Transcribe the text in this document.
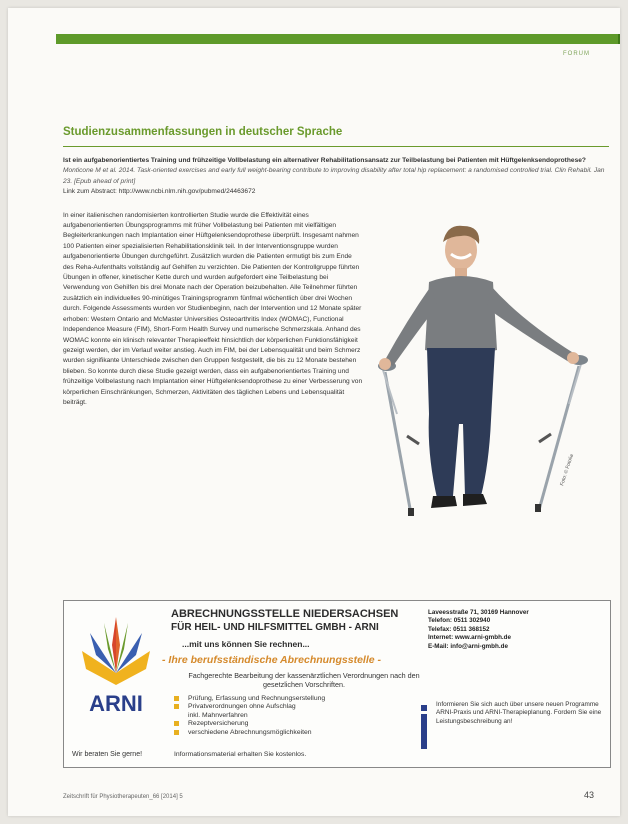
FORUM
Studienzusammenfassungen in deutscher Sprache

Ist ein aufgabenorientiertes Training und frühzeitige Vollbelastung ein alternativer Rehabilitationsansatz zur Teilbelastung bei Patienten mit Hüftgelenksendoprothese?

Monticone M et al. 2014. Task-oriented exercises and early full weight-bearing contribute to improving disability after total hip replacement: a randomised controlled trial. Clin Rehabil. Jan 23. [Epub ahead of print]

Link zum Abstract: http://www.ncbi.nlm.nih.gov/pubmed/24463672

In einer italienischen randomisierten kontrollierten Studie wurde die Effektivität eines aufgabenorientierten Übungsprogramms mit früher Vollbelastung bei Patienten mit vielfältigen Begleiterkrankungen nach Implantation einer Hüftgelenksendoprothese überprüft. Insgesamt nahmen 100 Patienten einer spezialisierten Rehabilitationsklinik teil. In der Interventionsgruppe wurden aufgabenorientierte Übungen durchgeführt. Zusätzlich wurden die Patienten ermutigt bis zum Ende des Reha-Aufenthalts vollständig auf Gehilfen zu verzichten. Die Patienten der Kontrollgruppe führten Übungen in offener, kinetischer Kette durch und wurden aufgefordert eine Teilbelastung bei Verwendung von Gehilfen bis drei Monate nach der Operation beizubehalten. Alle Teilnehmer führten zusätzlich ein individuelles 90-minütiges Trainingsprogramm fünfmal wöchentlich über drei Wochen durch. Folgende Assessments wurden vor Studienbeginn, nach der Intervention und 12 Monate später erhoben: Western Ontario and McMaster Universities Osteoarthritis Index (WOMAC), Functional Independence Measure (FIM), Short-Form Health Survey und numerische Schmerzskala. Anhand des WOMAC konnte ein klinisch relevanter Therapieeffekt hinsichtlich der körperlichen Funktionsfähigkeit gezeigt werden, der im Verlauf weiter anstieg. Auch im FIM, bei der Lebensqualität und beim Schmerz wurden signifikante Unterschiede zwischen den Gruppen festgestellt, die bis zu 12 Monate bestehen blieben. So konnte durch diese Studie gezeigt werden, dass ein aufgabenorientiertes Training und frühzeitige Vollbelastung nach Implantation einer Hüftgelenksendoprothese zu einer Verbesserung von körperlichen Einschränkungen, Schmerzen, Aktivitäten des täglichen Lebens und Lebensqualität beiträgt.

Foto: © Fotolia
ARNI
ABRECHNUNGSSTELLE NIEDERSACHSEN
FÜR HEIL- UND HILFSMITTEL GMBH - ARNI
...mit uns können Sie rechnen...
- Ihre berufsständische Abrechnungsstelle -
Fachgerechte Bearbeitung der kassenärztlichen Verordnungen nach den gesetzlichen Vorschriften.
Prüfung, Erfassung und Rechnungserstellung
Privatverordnungen ohne Aufschlag
inkl. Mahnverfahren
Rezeptversicherung
verschiedene Abrechnungsmöglichkeiten
Laveesstraße 71, 30169 Hannover
Telefon: 0511 302940
Telefax: 0511 368152
Internet: www.arni-gmbh.de
E-Mail: info@arni-gmbh.de
Informieren Sie sich auch über unsere neuen Programme ARNI-Praxis und ARNI-Therapieplanung. Fordern Sie eine Leistungsbeschreibung an!
Wir beraten Sie gerne!	Informationsmaterial erhalten Sie kostenlos.
Zeitschrift für Physiotherapeuten_66 [2014] 5	43
